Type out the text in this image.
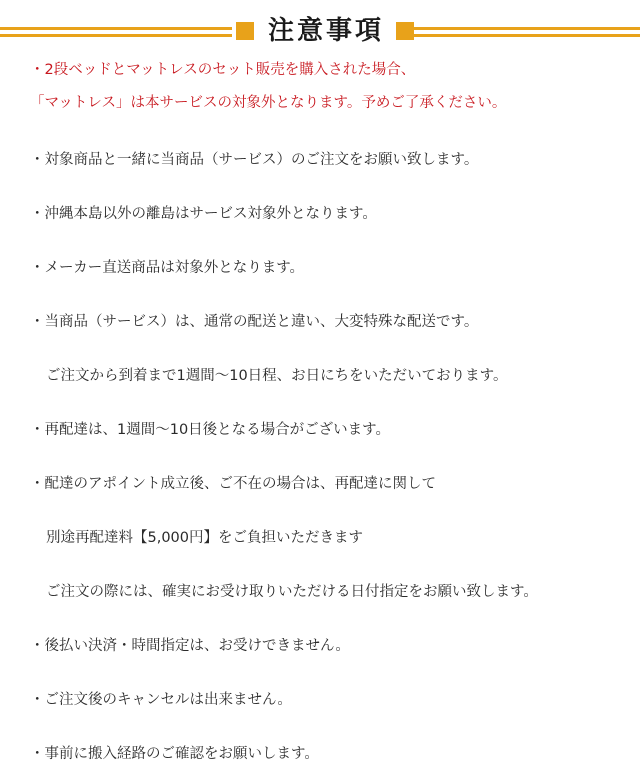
注意事項
・2段ベッドとマットレスのセット販売を購入された場合、
「マットレス」は本サービスの対象外となります。予めご了承ください。
・対象商品と一緒に当商品（サービス）のご注文をお願い致します。
・沖縄本島以外の離島はサービス対象外となります。
・メーカー直送商品は対象外となります。
・当商品（サービス）は、通常の配送と違い、大変特殊な配送です。
ご注文から到着まで1週間～10日程、お日にちをいただいております。
・再配達は、1週間～10日後となる場合がございます。
・配達のアポイント成立後、ご不在の場合は、再配達に関して
別途再配達料【5,000円】をご負担いただきます
ご注文の際には、確実にお受け取りいただける日付指定をお願い致します。
・後払い決済・時間指定は、お受けできません。
・ご注文後のキャンセルは出来ません。
・事前に搬入経路のご確認をお願いします。
